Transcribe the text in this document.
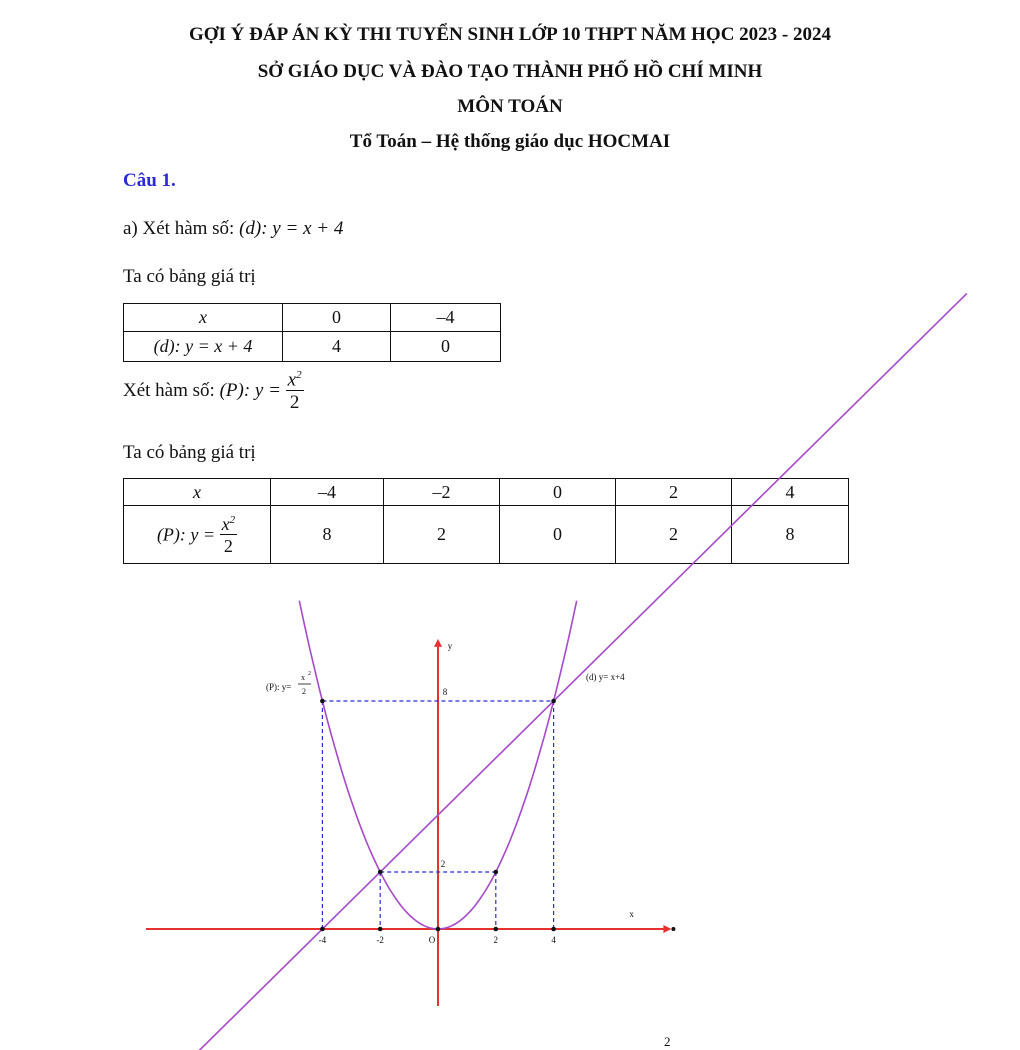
GỢI Ý ĐÁP ÁN KỲ THI TUYỂN SINH LỚP 10 THPT NĂM HỌC 2023 - 2024
SỞ GIÁO DỤC VÀ ĐÀO TẠO THÀNH PHỐ HỒ CHÍ MINH
MÔN TOÁN
Tổ Toán – Hệ thống giáo dục HOCMAI
Câu 1.
a) Xét hàm số: (d): y = x + 4
Ta có bảng giá trị
x	0	–4
(d): y = x + 4	4	0
Xét hàm số: (P): $y = \frac{x^2}{2}$
Ta có bảng giá trị
x	–4	–2	0	2	4
(P): $y = \frac{x^2}{2}$	8	2	0	2	8
-4	-2	O	2	4
8
2
x
y
(d) y= x+4
(P): y=
x 2
2
2
